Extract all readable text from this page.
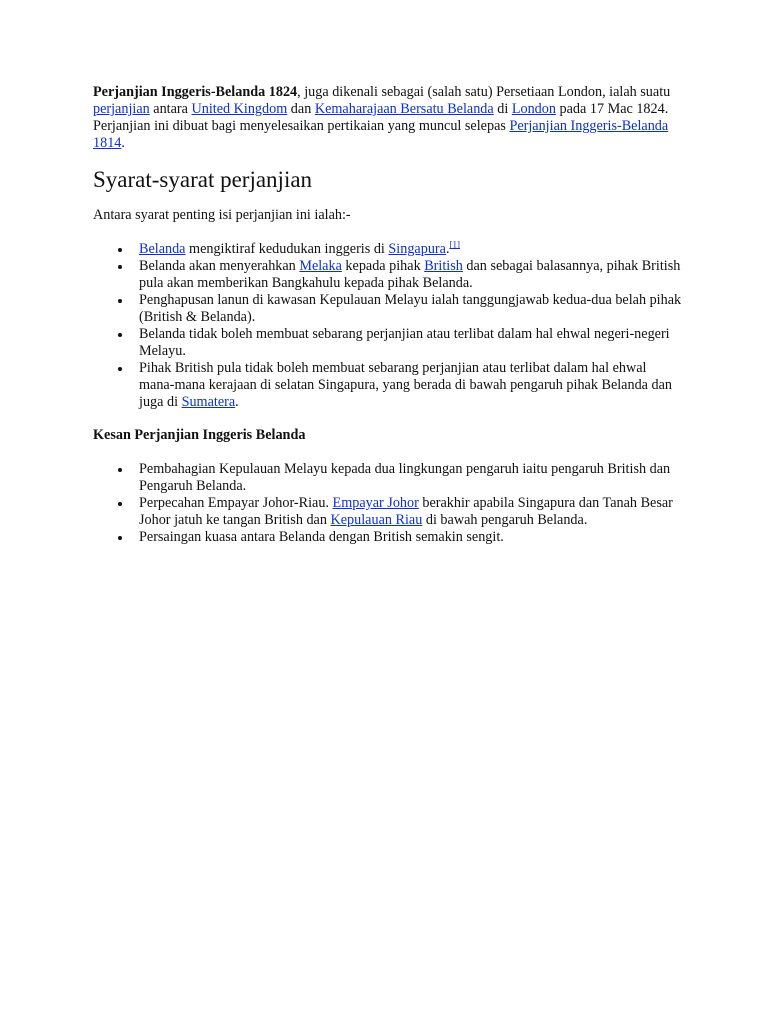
Perjanjian Inggeris-Belanda 1824, juga dikenali sebagai (salah satu) Persetiaan London, ialah suatu perjanjian antara United Kingdom dan Kemaharajaan Bersatu Belanda di London pada 17 Mac 1824. Perjanjian ini dibuat bagi menyelesaikan pertikaian yang muncul selepas Perjanjian Inggeris-Belanda 1814.

Syarat-syarat perjanjian

Antara syarat penting isi perjanjian ini ialah:-

Belanda mengiktiraf kedudukan inggeris di Singapura.[1]
Belanda akan menyerahkan Melaka kepada pihak British dan sebagai balasannya, pihak British pula akan memberikan Bangkahulu kepada pihak Belanda.
Penghapusan lanun di kawasan Kepulauan Melayu ialah tanggungjawab kedua-dua belah pihak (British & Belanda).
Belanda tidak boleh membuat sebarang perjanjian atau terlibat dalam hal ehwal negeri-negeri Melayu.
Pihak British pula tidak boleh membuat sebarang perjanjian atau terlibat dalam hal ehwal mana-mana kerajaan di selatan Singapura, yang berada di bawah pengaruh pihak Belanda dan juga di Sumatera.

Kesan Perjanjian Inggeris Belanda

Pembahagian Kepulauan Melayu kepada dua lingkungan pengaruh iaitu pengaruh British dan Pengaruh Belanda.
Perpecahan Empayar Johor-Riau. Empayar Johor berakhir apabila Singapura dan Tanah Besar Johor jatuh ke tangan British dan Kepulauan Riau di bawah pengaruh Belanda.
Persaingan kuasa antara Belanda dengan British semakin sengit.
